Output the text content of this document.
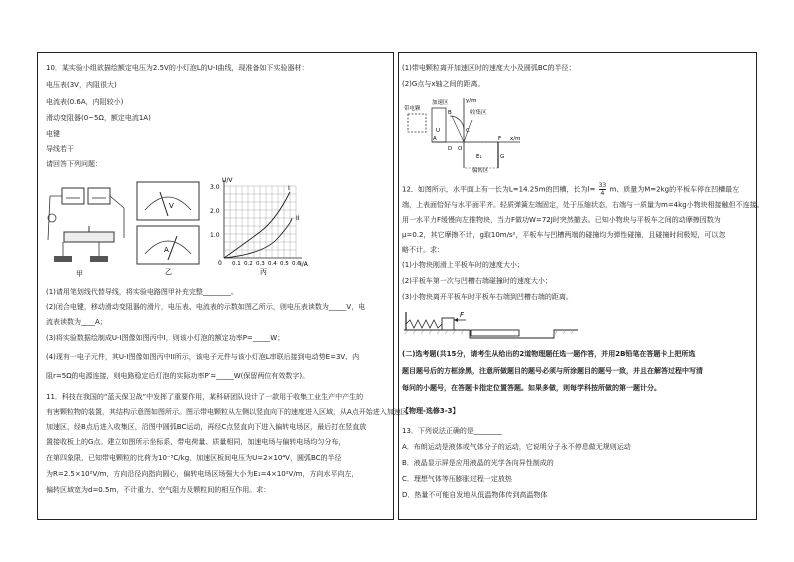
10．某实验小组欲描绘额定电压为2.5V的小灯泡L的U-I曲线，现准备如下实验器材：
电压表(3V，内阻很大)
电流表(0.6A，内阻较小)
滑动变阻器(0~5Ω，额定电流1A)
电键
导线若干
请回答下列问题：
甲
V
A
乙
U/V
I/A
3.0
2.0
1.0
0 0.1 0.2 0.3 0.4 0.5 0.6
I
II
丙
(1)请用笔划线代替导线，将实验电路图甲补充完整________。
(2)闭合电键，移动滑动变阻器的滑片，电压表、电流表的示数如图乙所示，则电压表读数为_____V，电
流表读数为____A；
(3)将实验数据绘制成U-I图像如图丙中I，则该小灯泡的额定功率P=_____W；
(4)现有一电子元件，其U-I图像如图丙中II所示，该电子元件与该小灯泡L串联后接到电动势E=3V、内
阻r=5Ω的电源连接，则电路稳定后灯泡的实际功率P′=_____W(保留两位有效数字)。
11．科技在我国的“蓝天保卫战”中发挥了重要作用，某科研团队设计了一款用于收集工业生产中产生的
有害颗粒物的装置，其结构示意图如图所示。图示带电颗粒从左侧以竖直向下的速度进入区域，从A点开始进入加速区
加速区，经B点后进入收集区，沿图中圆弧BC运动，再经C点竖直向下进入偏转电场区，最后打在竖直放
置接收板上的G点。建立如图所示坐标系，带电荷量、质量相同，加速电场与偏转电场均匀分布，
在第四象限，已知带电颗粒的比荷为10⁻⁵C/kg，加速区板间电压为U=2×10⁴V，圆弧BC的半径
为R=2.5×10²V/m，方向沿径向指向圆心，偏转电场区场强大小为E₁=4×10²V/m，方向水平向左，
偏转区域宽为d=0.5m，不计重力、空气阻力及颗粒间的相互作用。求：
(1)带电颗粒离开加速区时的速度大小及圆弧BC的半径；
(2)G点与x轴之间的距离。
带电颗
加速区
U
y/m
x/m
收集区
B
C
A
D O
F
E₁	G
偏转区
12．如图所示，水平面上有一长为L=14.25m的凹槽，长为$l= \frac{33}{4}$ m、质量为M=2kg的平板车停在凹槽最左
端，上表面恰好与水平面平齐。轻质弹簧左端固定，处于压缩状态，右端与一质量为m=4kg小物块相接触但不连接。
用一水平力F缓慢向左推物块，当力F做功W=72J时突然撤去。已知小物块与平板车之间的动摩擦因数为
μ=0.2，其它摩擦不计，g取10m/s²，平板车与凹槽两端的碰撞均为弹性碰撞，且碰撞时间极短，可以忽
略不计。求：
(1)小物块刚滑上平板车时的速度大小；
(2)平板车第一次与凹槽右端碰撞时的速度大小；
(3)小物块离开平板车时平板车右端到凹槽右端的距离。
F
(二)选考题(共15分，请考生从给出的2道物理题任选一题作答，并用2B铅笔在答题卡上把所选
题目题号后的方框涂黑，注意所做题目的题号必须与所涂题目的题号一致，并且在解答过程中写清
每问的小题号，在答题卡指定位置答题。如果多做，则每学科按所做的第一题计分。
【物理-选修3-3】
13．下列说法正确的是________
A．布朗运动是液体或气体分子的运动，它说明分子永不停息做无规则运动
B．液晶显示屏是应用液晶的光学各向异性制成的
C．理想气体等压膨胀过程一定放热
D．热量不可能自发地从低温物体传到高温物体
